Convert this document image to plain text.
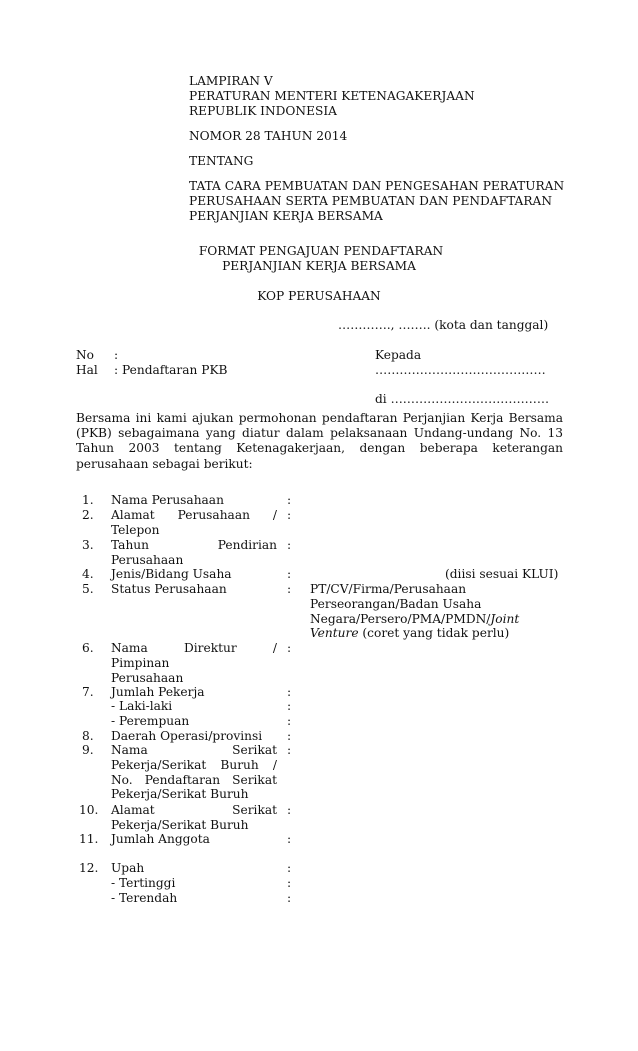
LAMPIRAN V
PERATURAN MENTERI KETENAGAKERJAAN
REPUBLIK INDONESIA
NOMOR 28 TAHUN 2014
TENTANG
TATA CARA PEMBUATAN DAN PENGESAHAN PERATURAN
PERUSAHAAN SERTA PEMBUATAN DAN PENDAFTARAN
PERJANJIAN KERJA BERSAMA
FORMAT PENGAJUAN PENDAFTARAN
PERJANJIAN KERJA BERSAMA
KOP PERUSAHAAN
…………., …….. (kota dan tanggal)
No :
Hal : Pendaftaran PKB
Kepada
……………………………………
di …………………………………
Bersama ini kami ajukan permohonan pendaftaran Perjanjian Kerja Bersama
(PKB) sebagaimana yang diatur dalam pelaksanaan Undang-undang No. 13
Tahun 2003 tentang Ketenagakerjaan, dengan beberapa keterangan
perusahaan sebagai berikut:
1. Nama Perusahaan	:
2. Alamat Perusahaan /
Telepon
:
3. Tahun Pendirian
Perusahaan
:
4. Jenis/Bidang Usaha	:	(diisi sesuai KLUI)
5. Status Perusahaan	: PT/CV/Firma/Perusahaan
Perseorangan/Badan Usaha
Negara/Persero/PMA/PMDN/Joint
Venture (coret yang tidak perlu)
6. Nama Direktur /
Pimpinan
Perusahaan
:
7. Jumlah Pekerja	:
- Laki-laki	:
- Perempuan	:
8. Daerah Operasi/provinsi	:
9. Nama Serikat
Pekerja/Serikat Buruh /
No. Pendaftaran Serikat
Pekerja/Serikat Buruh
:
10. Alamat Serikat
Pekerja/Serikat Buruh
:
11. Jumlah Anggota	:
12. Upah	:
- Tertinggi	:
- Terendah	:
